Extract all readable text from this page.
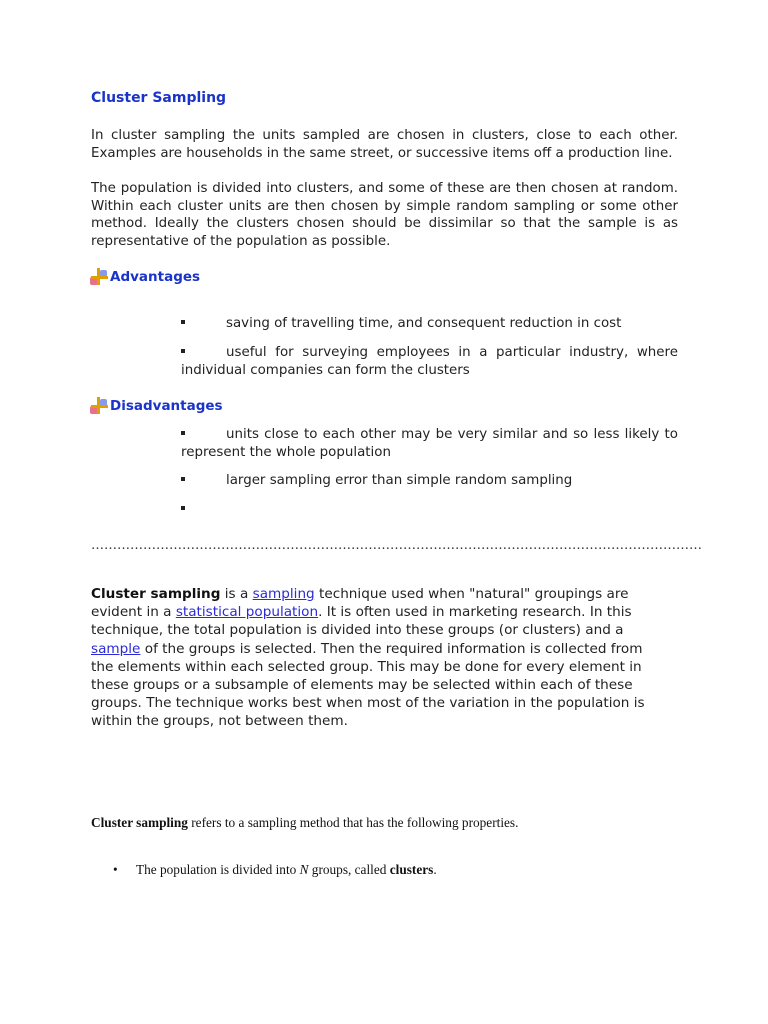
Cluster Sampling
In cluster sampling the units sampled are chosen in clusters, close to each other. Examples are households in the same street, or successive items off a production line.
The population is divided into clusters, and some of these are then chosen at random. Within each cluster units are then chosen by simple random sampling or some other method. Ideally the clusters chosen should be dissimilar so that the sample is as representative of the population as possible.
Advantages
saving of travelling time, and consequent reduction in cost
useful for surveying employees in a particular industry, where individual companies can form the clusters
Disadvantages
units close to each other may be very similar and so less likely to represent the whole population
larger sampling error than simple random sampling
……………………………………………………………………………………………………………………………
Cluster sampling is a sampling technique used when "natural" groupings are evident in a statistical population. It is often used in marketing research. In this technique, the total population is divided into these groups (or clusters) and a sample of the groups is selected. Then the required information is collected from the elements within each selected group. This may be done for every element in these groups or a subsample of elements may be selected within each of these groups. The technique works best when most of the variation in the population is within the groups, not between them.
Cluster sampling refers to a sampling method that has the following properties.
• The population is divided into N groups, called clusters.
